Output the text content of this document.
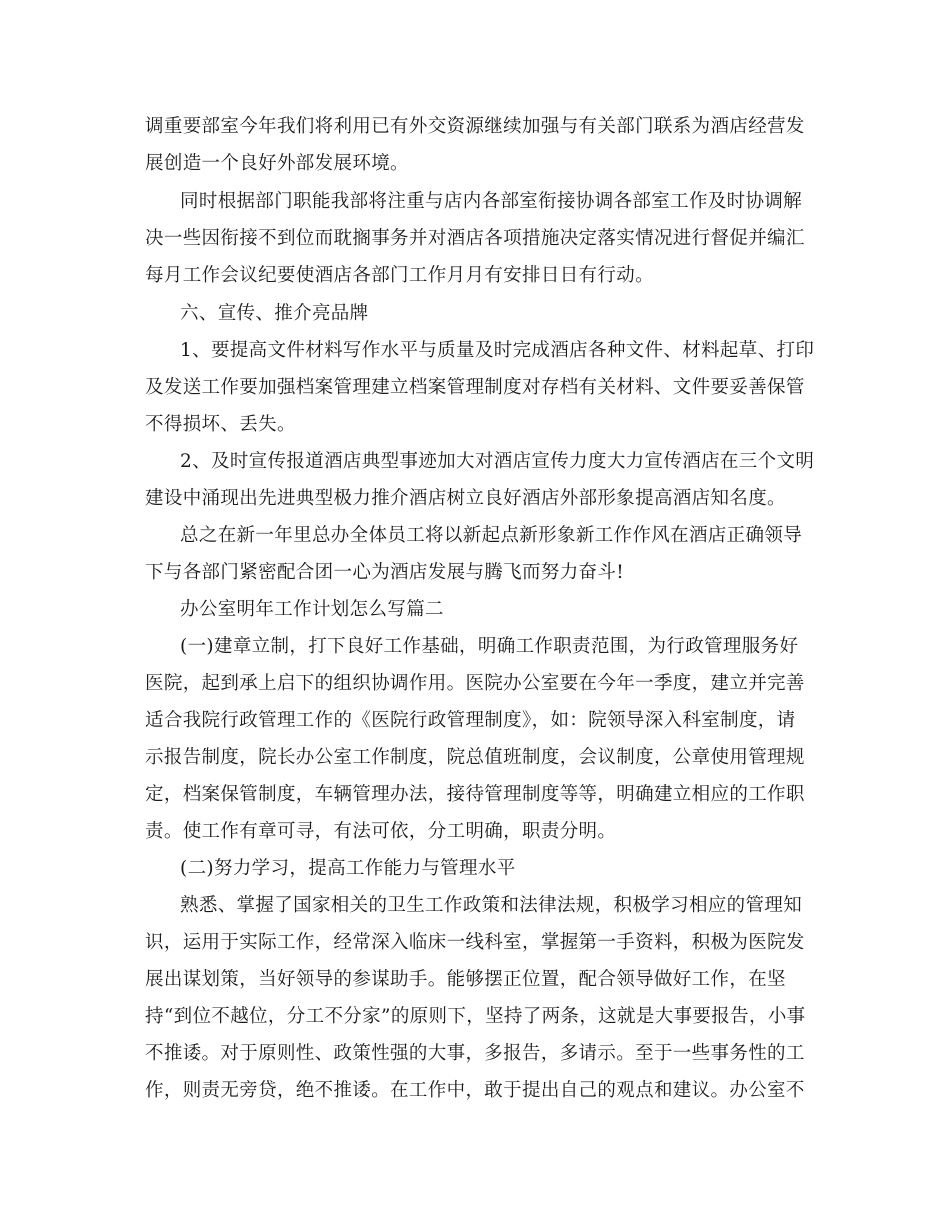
调重要部室今年我们将利用已有外交资源继续加强与有关部门联系为酒店经营发
展创造一个良好外部发展环境。
同时根据部门职能我部将注重与店内各部室衔接协调各部室工作及时协调解
决一些因衔接不到位而耽搁事务并对酒店各项措施决定落实情况进行督促并编汇
每月工作会议纪要使酒店各部门工作月月有安排日日有行动。
六、宣传、推介亮品牌
1、要提高文件材料写作水平与质量及时完成酒店各种文件、材料起草、打印
及发送工作要加强档案管理建立档案管理制度对存档有关材料、文件要妥善保管
不得损坏、丢失。
2、及时宣传报道酒店典型事迹加大对酒店宣传力度大力宣传酒店在三个文明
建设中涌现出先进典型极力推介酒店树立良好酒店外部形象提高酒店知名度。
总之在新一年里总办全体员工将以新起点新形象新工作作风在酒店正确领导
下与各部门紧密配合团一心为酒店发展与腾飞而努力奋斗!
办公室明年工作计划怎么写篇二
(一)建章立制，打下良好工作基础，明确工作职责范围，为行政管理服务好
医院，起到承上启下的组织协调作用。医院办公室要在今年一季度，建立并完善
适合我院行政管理工作的《医院行政管理制度》，如：院领导深入科室制度，请
示报告制度，院长办公室工作制度，院总值班制度，会议制度，公章使用管理规
定，档案保管制度，车辆管理办法，接待管理制度等等，明确建立相应的工作职
责。使工作有章可寻，有法可依，分工明确，职责分明。
(二)努力学习，提高工作能力与管理水平
熟悉、掌握了国家相关的卫生工作政策和法律法规，积极学习相应的管理知
识，运用于实际工作，经常深入临床一线科室，掌握第一手资料，积极为医院发
展出谋划策，当好领导的参谋助手。能够摆正位置，配合领导做好工作，在坚
持“到位不越位，分工不分家”的原则下，坚持了两条，这就是大事要报告，小事
不推诿。对于原则性、政策性强的大事，多报告，多请示。至于一些事务性的工
作，则责无旁贷，绝不推诿。在工作中，敢于提出自己的观点和建议。办公室不
